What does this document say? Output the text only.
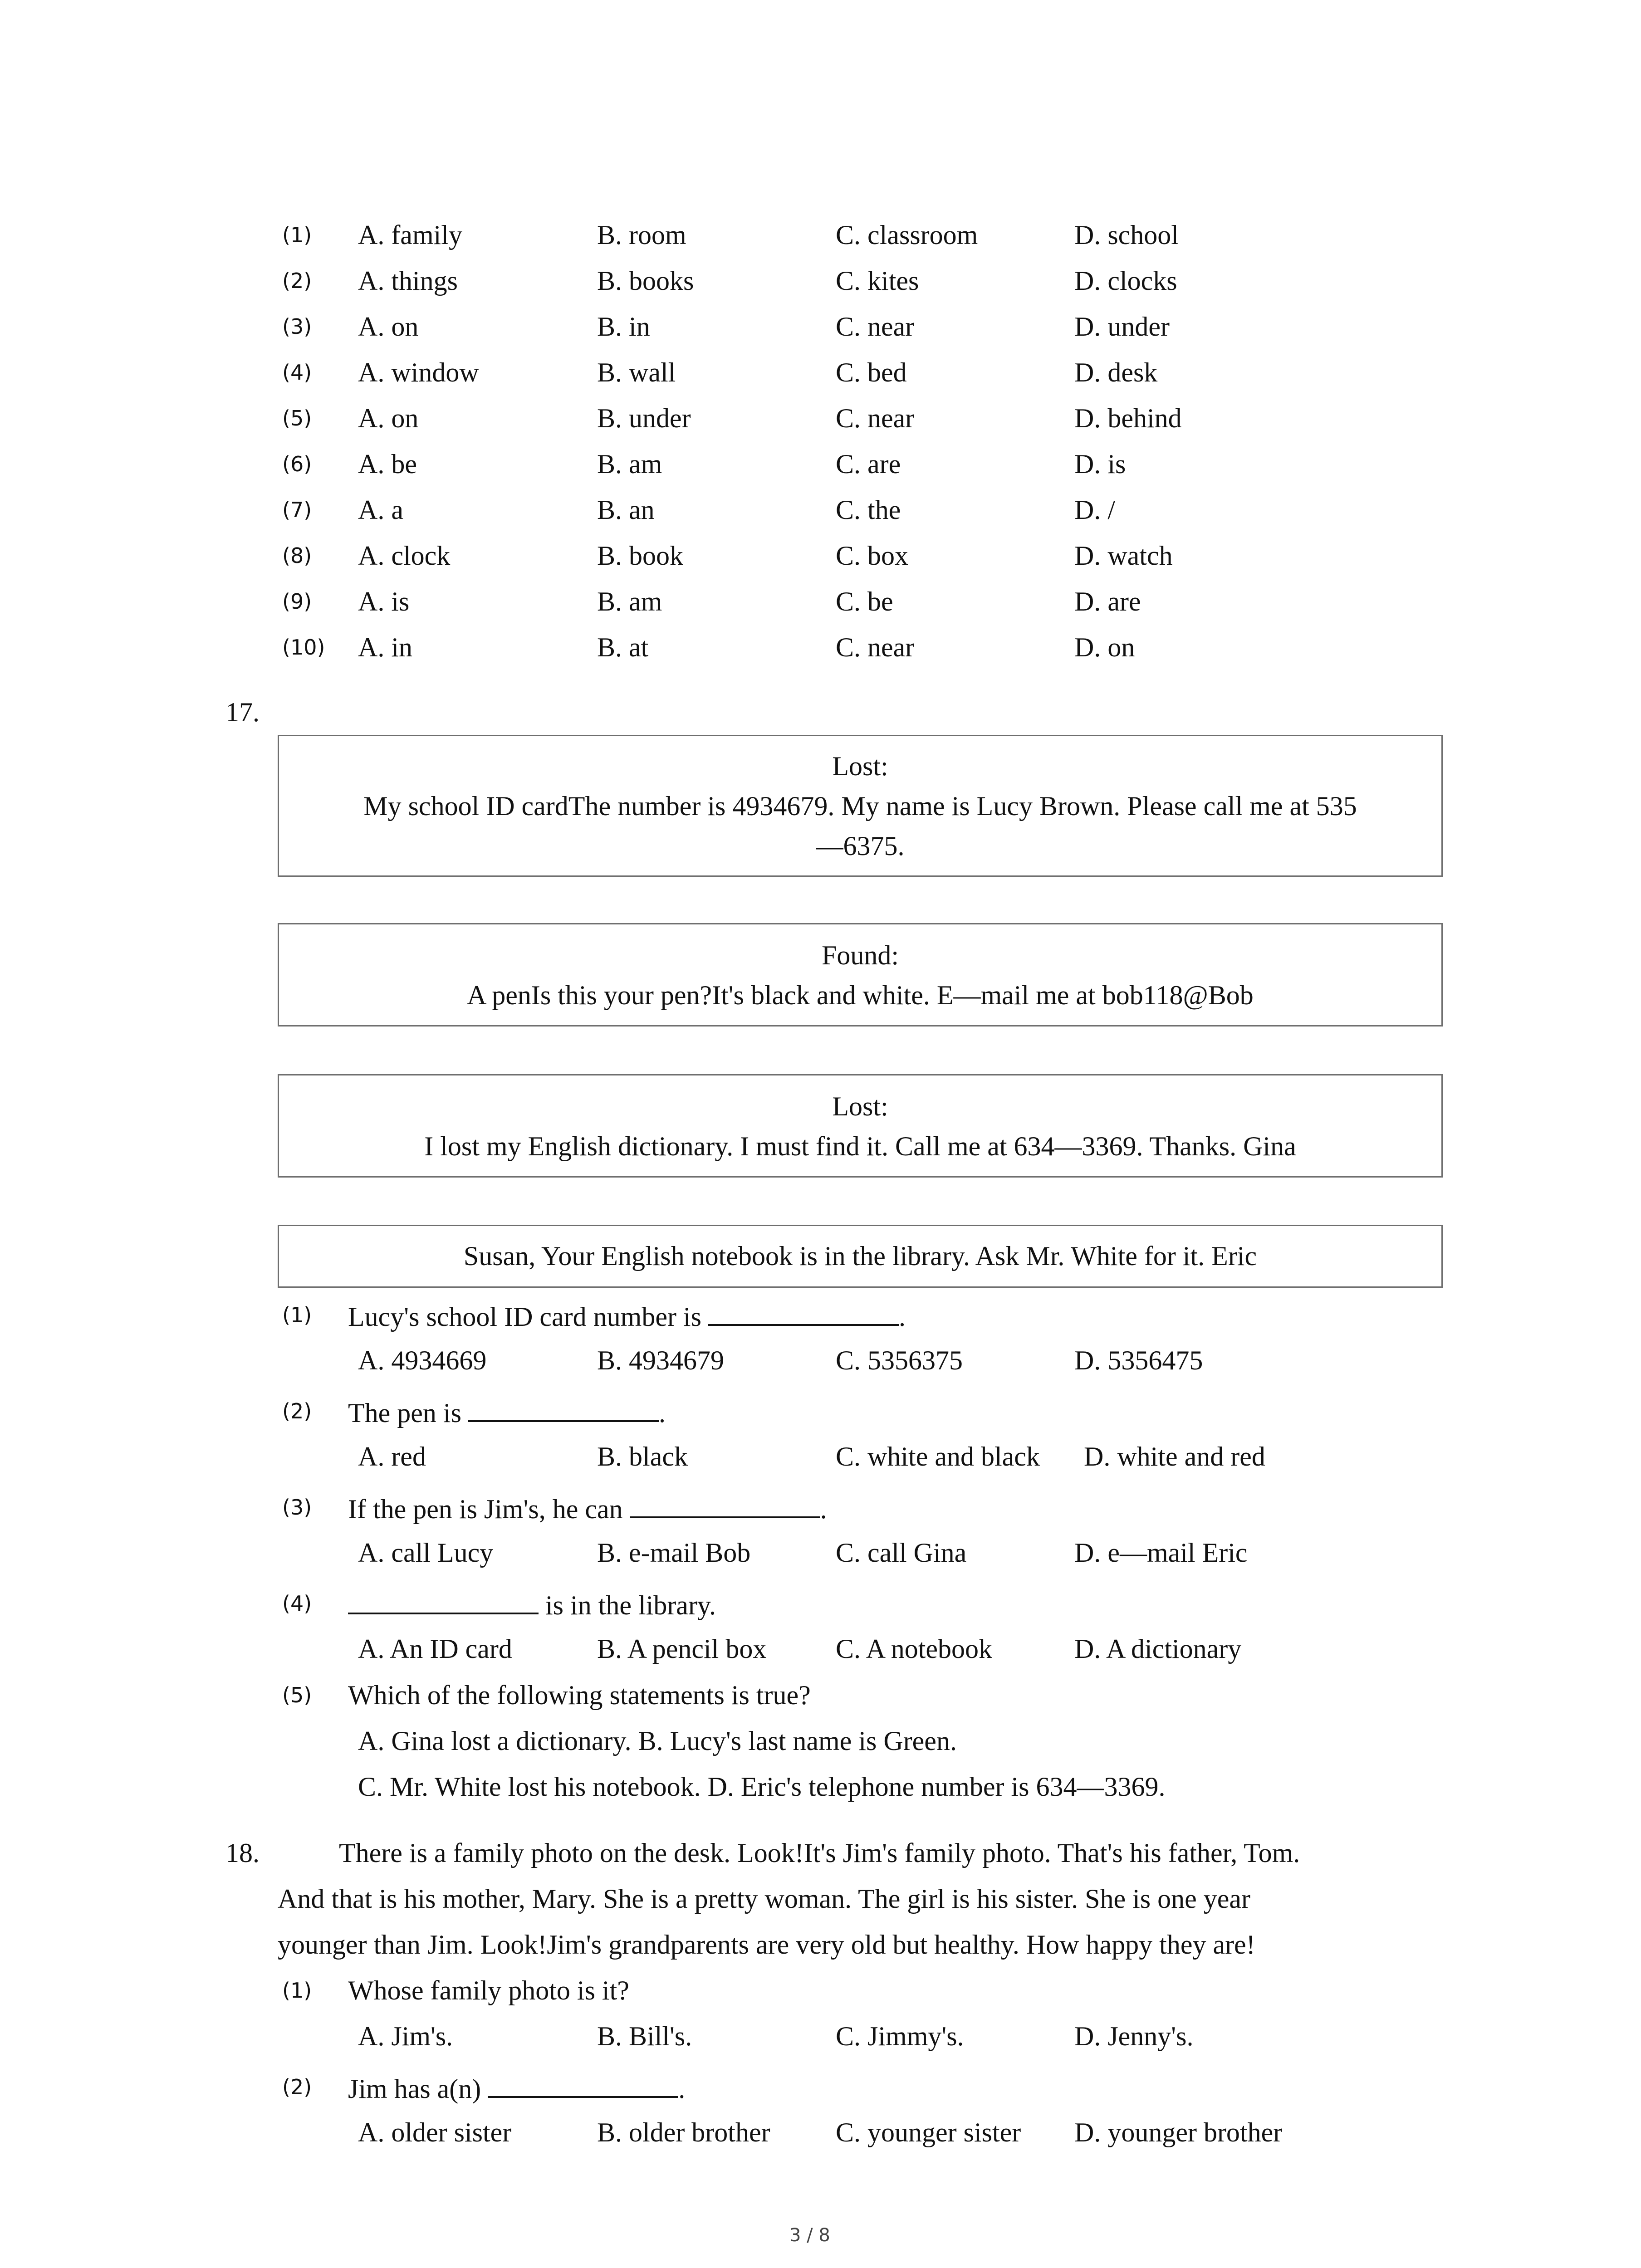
(1) A. family	B. room	C. classroom	D. school
(2) A. things	B. books	C. kites	D. clocks
(3) A. on	B. in	C. near	D. under
(4) A. window	B. wall	C. bed	D. desk
(5) A. on	B. under	C. near	D. behind
(6) A. be	B. am	C. are	D. is
(7) A. a	B. an	C. the	D. /
(8) A. clock	B. book	C. box	D. watch
(9) A. is	B. am	C. be	D. are
(10) A. in	B. at	C. near	D. on
17.
Lost:
My school ID cardThe number is 4934679. My name is Lucy Brown. Please call me at 535
—6375.
Found:
A penIs this your pen?It's black and white. E—mail me at bob118@Bob
Lost:
I lost my English dictionary. I must find it. Call me at 634—3369. Thanks. Gina
Susan, Your English notebook is in the library. Ask Mr. White for it. Eric
(1) Lucy's school ID card number is	.
A. 4934669	B. 4934679	C. 5356375	D. 5356475
(2) The pen is	.
A. red	B. black	C. white and black D. white and red
(3) If the pen is Jim's, he can	.
A. call Lucy	B. e-mail Bob	C. call Gina	D. e—mail Eric
(4)	is in the library.
A. An ID card	B. A pencil box	C. A notebook	D. A dictionary
(5) Which of the following statements is true?
A. Gina lost a dictionary. B. Lucy's last name is Green.
C. Mr. White lost his notebook. D. Eric's telephone number is 634—3369.
18.	There is a family photo on the desk. Look!It's Jim's family photo. That's his father, Tom.
And that is his mother, Mary. She is a pretty woman. The girl is his sister. She is one year
younger than Jim. Look!Jim's grandparents are very old but healthy. How happy they are!
(1) Whose family photo is it?
A. Jim's.	B. Bill's.	C. Jimmy's.	D. Jenny's.
(2) Jim has a(n)	.
A. older sister	B. older brother C. younger sister D. younger brother
3 / 8
